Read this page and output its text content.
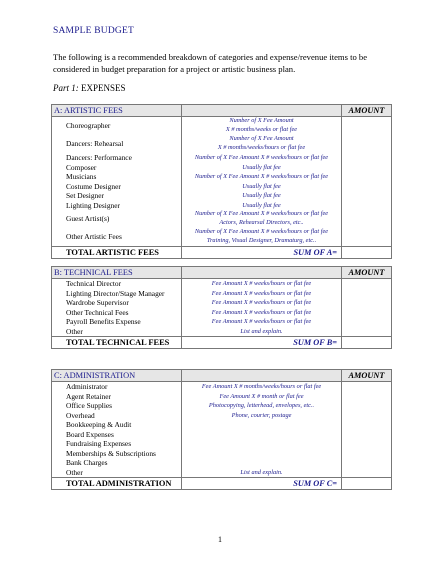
SAMPLE BUDGET
The following is a recommended breakdown of categories and expense/revenue items to be considered in budget preparation for a project or artistic business plan.
Part 1: EXPENSES
A: ARTISTIC FEES		AMOUNT
Choreographer	Number of X Fee Amount
X # months/weeks or flat fee	

Dancers: Rehearsal	Number of X Fee Amount
X # months/weeks/hours or flat fee	

Dancers: Performance	Number of X Fee Amount X # weeks/hours or flat fee	

Composer	Usually flat fee	

Musicians	Number of X Fee Amount X # weeks/hours or flat fee	

Costume Designer	Usually flat fee	

Set Designer	Usually flat fee	

Lighting Designer	Usually flat fee	

Guest Artist(s)	Number of X Fee Amount X # weeks/hours or flat fee
Actors, Rehearsal Directors, etc..	

Other Artistic Fees	Number of X Fee Amount X # weeks/hours or flat fee
Training, Visual Designer, Dramaturg, etc..	

TOTAL ARTISTIC FEES	SUM OF A=	
B: TECHNICAL FEES		AMOUNT
Technical Director	Fee Amount X # weeks/hours or flat fee	

Lighting Director/Stage Manager	Fee Amount X # weeks/hours or flat fee	

Wardrobe Supervisor	Fee Amount X # weeks/hours or flat fee	

Other Technical Fees	Fee Amount X # weeks/hours or flat fee	

Payroll Benefits Expense	Fee Amount X # weeks/hours or flat fee	

Other	List and explain.	

TOTAL TECHNICAL FEES	SUM OF B=	
C: ADMINISTRATION		AMOUNT
Administrator	Fee Amount X # months/weeks/hours or flat fee	

Agent Retainer	Fee Amount X # month or flat fee	

Office Supplies	Photocopying, letterhead, envelopes, etc..	

Overhead	Phone, courier, postage	

Bookkeeping & Audit	

Board Expenses	

Fundraising Expenses	

Memberships & Subscriptions	

Bank Charges	

Other	List and explain.	

TOTAL ADMINISTRATION	SUM OF C=	
1
